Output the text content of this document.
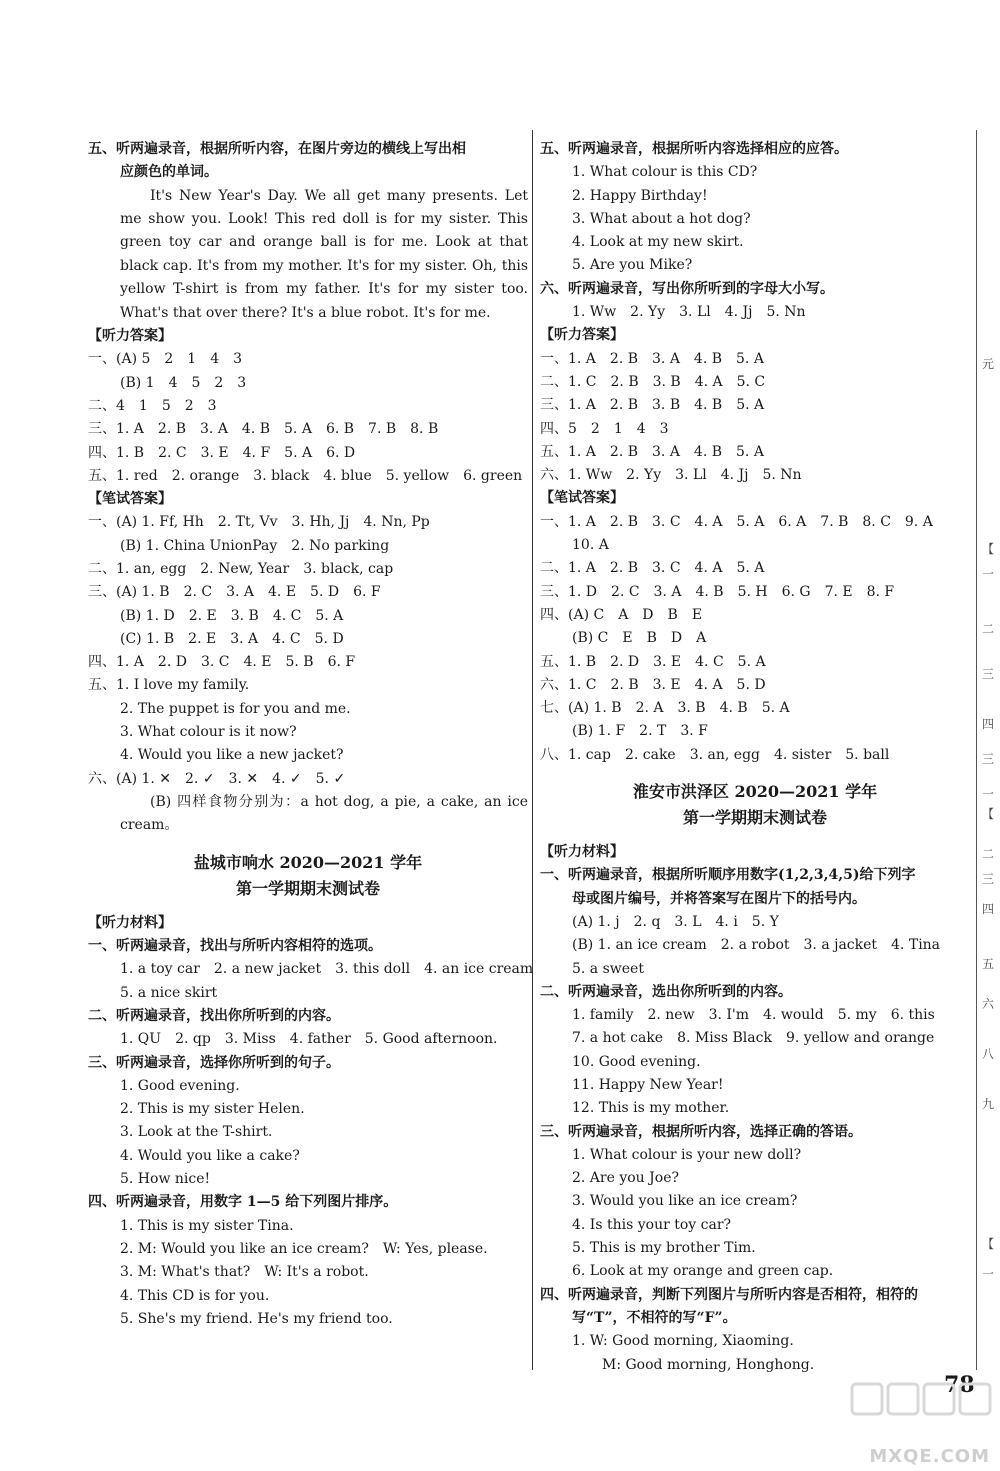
五、听两遍录音，根据所听内容，在图片旁边的横线上写出相
应颜色的单词。
It's New Year's Day. We all get many presents. Let me show you. Look! This red doll is for my sister. This green toy car and orange ball is for me. Look at that black cap. It's from my mother. It's for my sister. Oh, this yellow T-shirt is from my father. It's for my sister too. What's that over there? It's a blue robot. It's for me.
【听力答案】
一、(A) 5　2　1　4　3
(B) 1　4　5　2　3
二、4　1　5　2　3
三、1. A　2. B　3. A　4. B　5. A　6. B　7. B　8. B
四、1. B　2. C　3. E　4. F　5. A　6. D
五、1. red　2. orange　3. black　4. blue　5. yellow　6. green
【笔试答案】
一、(A) 1. Ff, Hh　2. Tt, Vv　3. Hh, Jj　4. Nn, Pp
(B) 1. China UnionPay　2. No parking
二、1. an, egg　2. New, Year　3. black, cap
三、(A) 1. B　2. C　3. A　4. E　5. D　6. F
(B) 1. D　2. E　3. B　4. C　5. A
(C) 1. B　2. E　3. A　4. C　5. D
四、1. A　2. D　3. C　4. E　5. B　6. F
五、1. I love my family.
2. The puppet is for you and me.
3. What colour is it now?
4. Would you like a new jacket?
六、(A) 1. ✕　2. ✓　3. ✕　4. ✓　5. ✓
(B) 四样食物分别为：a hot dog, a pie, a cake, an ice cream。
盐城市响水 2020—2021 学年
第一学期期末测试卷
【听力材料】
一、听两遍录音，找出与所听内容相符的选项。
1. a toy car　2. a new jacket　3. this doll　4. an ice cream
5. a nice skirt
二、听两遍录音，找出你所听到的内容。
1. QU　2. qp　3. Miss　4. father　5. Good afternoon.
三、听两遍录音，选择你所听到的句子。
1. Good evening.
2. This is my sister Helen.
3. Look at the T-shirt.
4. Would you like a cake?
5. How nice!
四、听两遍录音，用数字 1—5 给下列图片排序。
1. This is my sister Tina.
2. M: Would you like an ice cream?　W: Yes, please.
3. M: What's that?　W: It's a robot.
4. This CD is for you.
5. She's my friend. He's my friend too.
五、听两遍录音，根据所听内容选择相应的应答。
1. What colour is this CD?
2. Happy Birthday!
3. What about a hot dog?
4. Look at my new skirt.
5. Are you Mike?
六、听两遍录音，写出你所听到的字母大小写。
1. Ww　2. Yy　3. Ll　4. Jj　5. Nn
【听力答案】
一、1. A　2. B　3. A　4. B　5. A
二、1. C　2. B　3. B　4. A　5. C
三、1. A　2. B　3. B　4. B　5. A
四、5　2　1　4　3
五、1. A　2. B　3. A　4. B　5. A
六、1. Ww　2. Yy　3. Ll　4. Jj　5. Nn
【笔试答案】
一、1. A　2. B　3. C　4. A　5. A　6. A　7. B　8. C　9. A
10. A
二、1. A　2. B　3. C　4. A　5. A
三、1. D　2. C　3. A　4. B　5. H　6. G　7. E　8. F
四、(A) C　A　D　B　E
(B) C　E　B　D　A
五、1. B　2. D　3. E　4. C　5. A
六、1. C　2. B　3. E　4. A　5. D
七、(A) 1. B　2. A　3. B　4. B　5. A
(B) 1. F　2. T　3. F
八、1. cap　2. cake　3. an, egg　4. sister　5. ball
淮安市洪泽区 2020—2021 学年
第一学期期末测试卷
【听力材料】
一、听两遍录音，根据所听顺序用数字(1,2,3,4,5)给下列字
母或图片编号，并将答案写在图片下的括号内。
(A) 1. j　2. q　3. L　4. i　5. Y
(B) 1. an ice cream　2. a robot　3. a jacket　4. Tina
5. a sweet
二、听两遍录音，选出你所听到的内容。
1. family　2. new　3. I'm　4. would　5. my　6. this
7. a hot cake　8. Miss Black　9. yellow and orange
10. Good evening.
11. Happy New Year!
12. This is my mother.
三、听两遍录音，根据所听内容，选择正确的答语。
1. What colour is your new doll?
2. Are you Joe?
3. Would you like an ice cream?
4. Is this your toy car?
5. This is my brother Tim.
6. Look at my orange and green cap.
四、听两遍录音，判断下列图片与所听内容是否相符，相符的
写“T”，不相符的写“F”。
1. W: Good morning, Xiaoming.
M: Good morning, Honghong.
元
【
一
二
三
四
三
【
一
二
三
四
五
六
八
九
【
一
78
MXQE.COM
